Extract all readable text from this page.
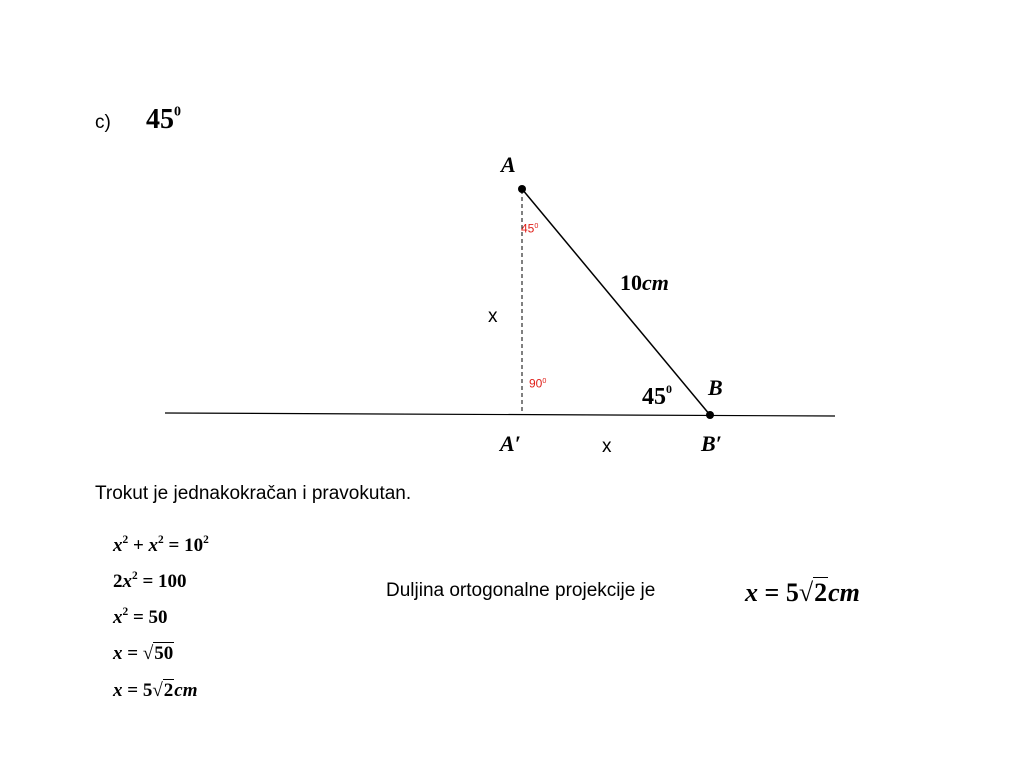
c) $45^0$
A
B
A′	B′
$45^0$
$90^0$
10cm
x
x
$45^0$
Trokut je jednakokračan i pravokutan.
$x^2 + x^2 = 10^2$
$2x^2 = 100$
$x^2 = 50$
x = √50
x = 5√2cm
Duljina ortogonalne projekcije je	x = 5√2cm
